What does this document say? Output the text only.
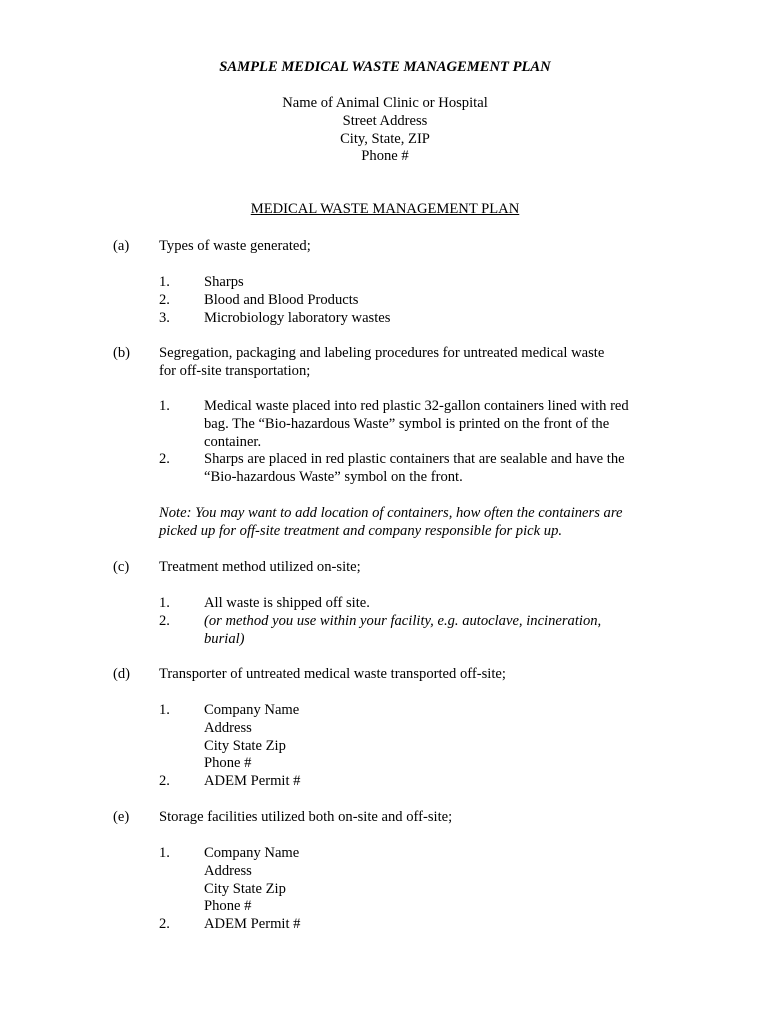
SAMPLE MEDICAL WASTE MANAGEMENT PLAN
Name of Animal Clinic or Hospital
Street Address
City, State, ZIP
Phone #
MEDICAL WASTE MANAGEMENT PLAN
(a)	Types of waste generated;
1.	Sharps
2.	Blood and Blood Products
3.	Microbiology laboratory wastes
(b)	Segregation, packaging and labeling procedures for untreated medical waste
for off-site transportation;
1.	Medical waste placed into red plastic 32-gallon containers lined with red
bag. The “Bio-hazardous Waste” symbol is printed on the front of the
container.
2.	Sharps are placed in red plastic containers that are sealable and have the
“Bio-hazardous Waste” symbol on the front.
Note: You may want to add location of containers, how often the containers are
picked up for off-site treatment and company responsible for pick up.
(c)	Treatment method utilized on-site;
1.	All waste is shipped off site.
2.	(or method you use within your facility, e.g. autoclave, incineration,
burial)
(d)	Transporter of untreated medical waste transported off-site;
1.	Company Name
Address
City State Zip
Phone #
2.	ADEM Permit #
(e)	Storage facilities utilized both on-site and off-site;
1.	Company Name
Address
City State Zip
Phone #
2.	ADEM Permit #
